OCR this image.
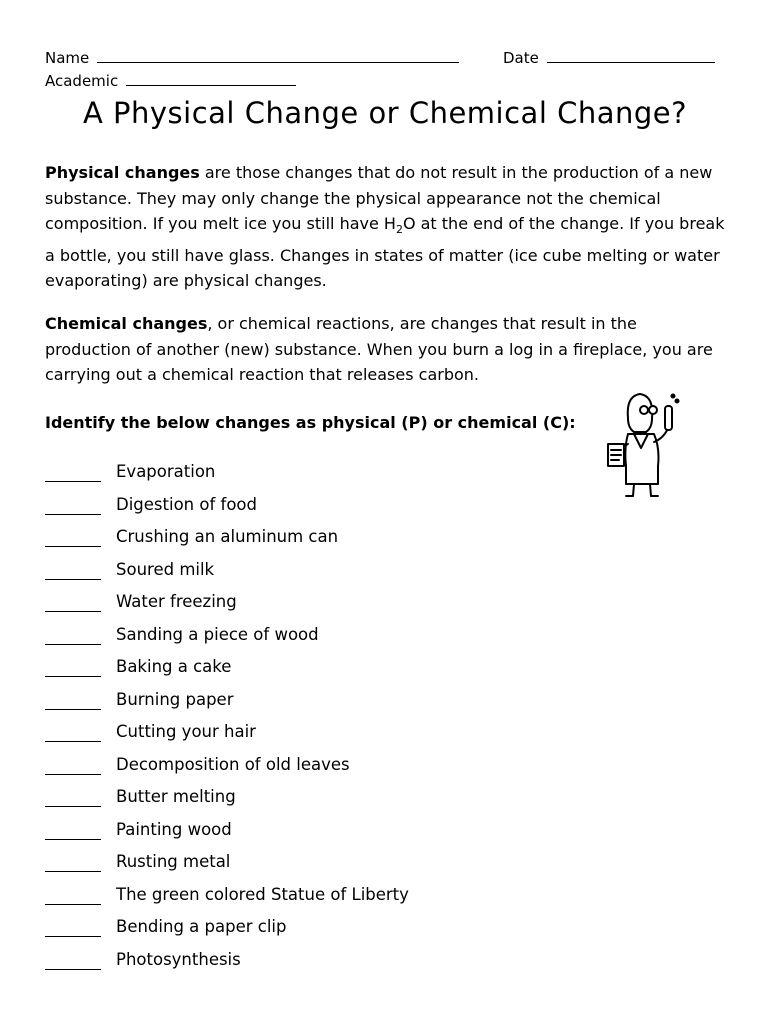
Name	Date
Academic
A Physical Change or Chemical Change?
Physical changes are those changes that do not result in the production of a new substance. They may only change the physical appearance not the chemical composition. If you melt ice you still have $H_2O$ at the end of the change. If you break a bottle, you still have glass. Changes in states of matter (ice cube melting or water evaporating) are physical changes.
Chemical changes, or chemical reactions, are changes that result in the production of another (new) substance. When you burn a log in a fireplace, you are carrying out a chemical reaction that releases carbon.
Identify the below changes as physical (P) or chemical (C):
Evaporation
Digestion of food
Crushing an aluminum can
Soured milk
Water freezing
Sanding a piece of wood
Baking a cake
Burning paper
Cutting your hair
Decomposition of old leaves
Butter melting
Painting wood
Rusting metal
The green colored Statue of Liberty
Bending a paper clip
Photosynthesis
